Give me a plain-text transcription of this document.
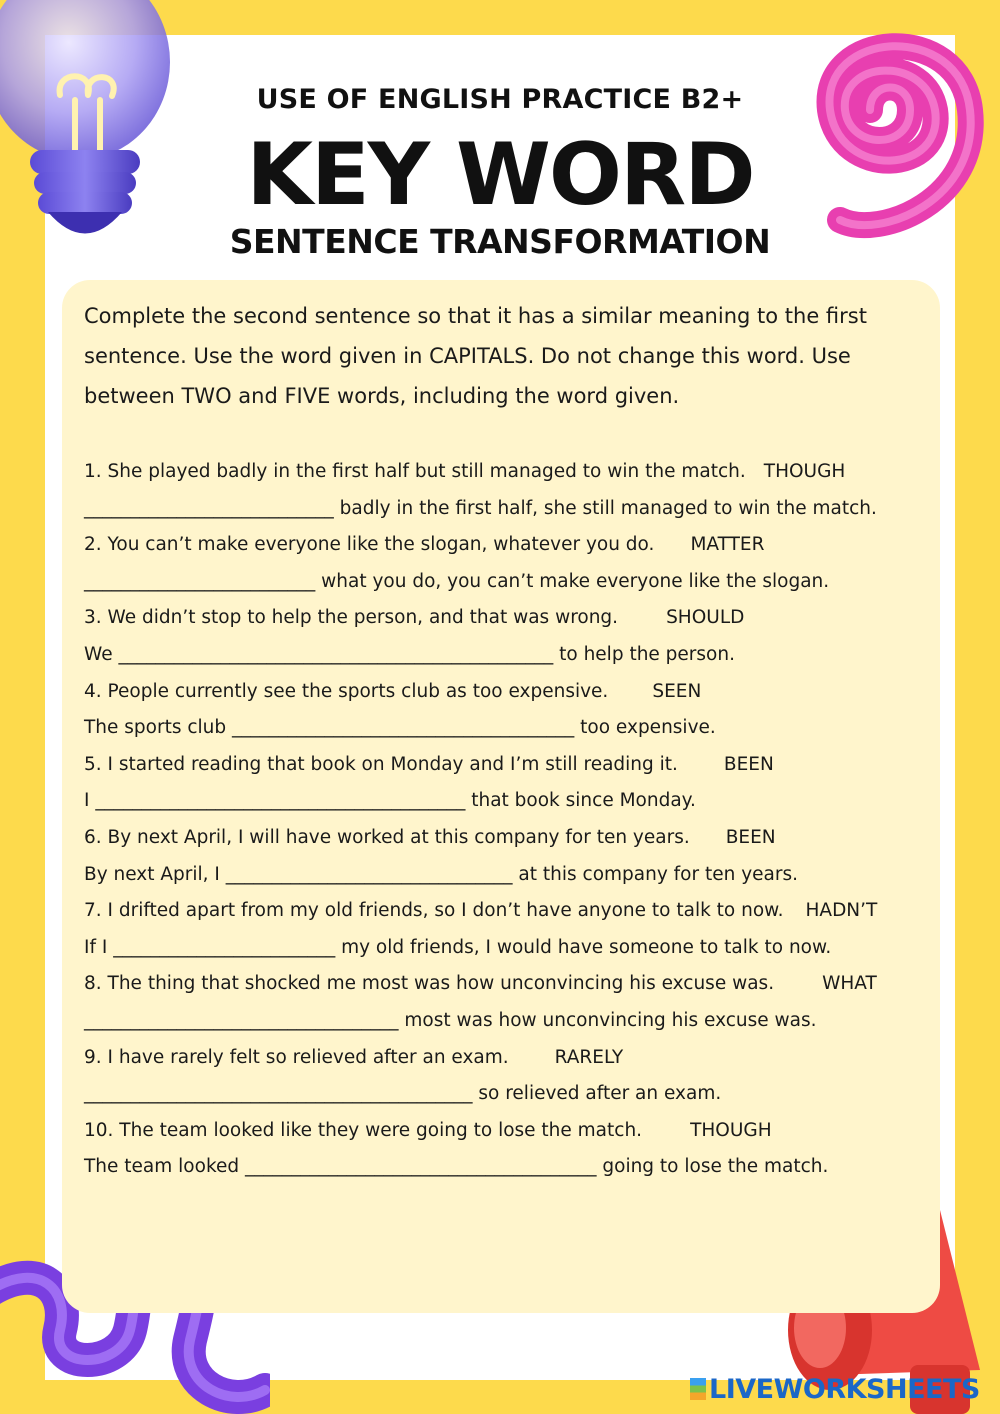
USE OF ENGLISH PRACTICE B2+
KEY WORD
SENTENCE TRANSFORMATION
Complete the second sentence so that it has a similar meaning to the first
sentence. Use the word given in CAPITALS. Do not change this word. Use
between TWO and FIVE words, including the word given.
1. She played badly in the first half but still managed to win the match. THOUGH
___________________________ badly in the first half, she still managed to win the match.
2. You can’t make everyone like the slogan, whatever you do. MATTER
_________________________ what you do, you can’t make everyone like the slogan.
3. We didn’t stop to help the person, and that was wrong.	SHOULD
We _______________________________________________ to help the person.
4. People currently see the sports club as too expensive. SEEN
The sports club _____________________________________ too expensive.
5. I started reading that book on Monday and I’m still reading it. BEEN
I ________________________________________ that book since Monday.
6. By next April, I will have worked at this company for ten years. BEEN
By next April, I _______________________________ at this company for ten years.
7. I drifted apart from my old friends, so I don’t have anyone to talk to now. HADN’T
If I ________________________ my old friends, I would have someone to talk to now.
8. The thing that shocked me most was how unconvincing his excuse was.	WHAT
__________________________________ most was how unconvincing his excuse was.
9. I have rarely felt so relieved after an exam. RARELY
__________________________________________ so relieved after an exam.
10. The team looked like they were going to lose the match.	THOUGH
The team looked ______________________________________ going to lose the match.
LIVEWORKSHEETS
